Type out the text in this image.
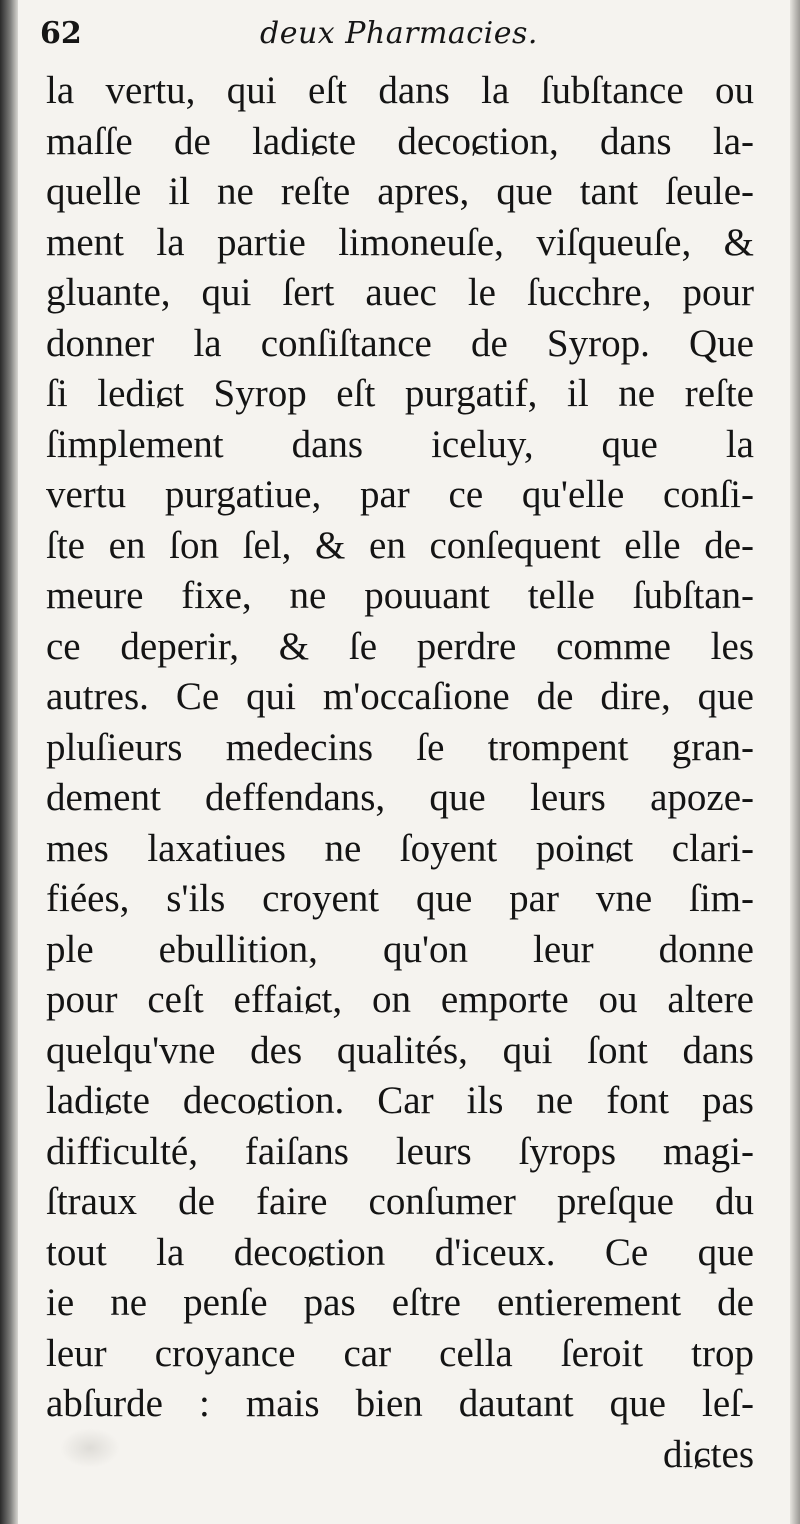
62	deux Pharmacies.
la vertu, qui eſt dans la ſubſtance ou
maſſe de ladiɕte decoɕtion, dans la-
quelle il ne reſte apres, que tant ſeule-
ment la partie limoneuſe, viſqueuſe, &
gluante, qui ſert auec le ſucchre, pour
donner la conſiſtance de Syrop. Que
ſi lediɕt Syrop eſt purgatif, il ne reſte
ſimplement dans iceluy, que la
vertu purgatiue, par ce qu'elle conſi-
ſte en ſon ſel, & en conſequent elle de-
meure fixe, ne pouuant telle ſubſtan-
ce deperir, & ſe perdre comme les
autres. Ce qui m'occaſione de dire, que
pluſieurs medecins ſe trompent gran-
dement deffendans, que leurs apoze-
mes laxatiues ne ſoyent poinɕt clari-
fiées, s'ils croyent que par vne ſim-
ple ebullition, qu'on leur donne
pour ceſt effaiɕt, on emporte ou altere
quelqu'vne des qualités, qui ſont dans
ladiɕte decoɕtion. Car ils ne font pas
difficulté, faiſans leurs ſyrops magi-
ſtraux de faire conſumer preſque du
tout la decoɕtion d'iceux. Ce que
ie ne penſe pas eſtre entierement de
leur croyance car cella ſeroit trop
abſurde : mais bien dautant que leſ-
diɕtes
